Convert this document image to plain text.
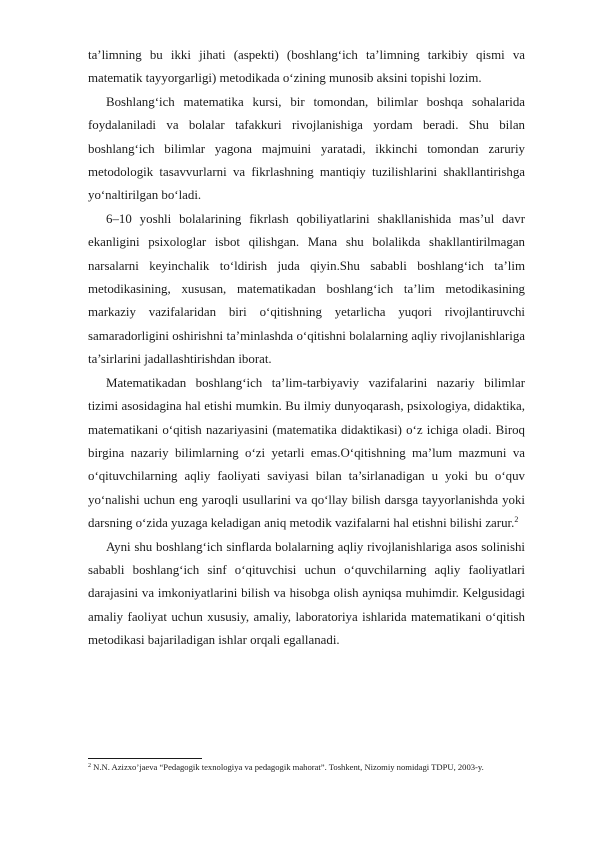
ta’limning bu ikki jihati (aspekti) (boshlang‘ich ta’limning tarkibiy qismi va matematik tayyorgarligi) metodikada o‘zining munosib aksini topishi lozim.

Boshlang‘ich matematika kursi, bir tomondan, bilimlar boshqa sohalarida foydalaniladi va bolalar tafakkuri rivojlanishiga yordam beradi. Shu bilan boshlang‘ich bilimlar yagona majmuini yaratadi, ikkinchi tomondan zaruriy metodologik tasavvurlarni va fikrlashning mantiqiy tuzilishlarini shakllantirishga yo‘naltirilgan bo‘ladi.

6–10 yoshli bolalarining fikrlash qobiliyatlarini shakllanishida mas’ul davr ekanligini psixologlar isbot qilishgan. Mana shu bolalikda shakllantirilmagan narsalarni keyinchalik to‘ldirish juda qiyin.Shu sababli boshlang‘ich ta’lim metodikasining, xususan, matematikadan boshlang‘ich ta’lim metodikasining markaziy vazifalaridan biri o‘qitishning yetarlicha yuqori rivojlantiruvchi samaradorligini oshirishni ta’minlashda o‘qitishni bolalarning aqliy rivojlanishlariga ta’sirlarini jadallashtirishdan iborat.

Matematikadan boshlang‘ich ta’lim-tarbiyaviy vazifalarini nazariy bilimlar tizimi asosidagina hal etishi mumkin. Bu ilmiy dunyoqarash, psixologiya, didaktika, matematikani o‘qitish nazariyasini (matematika didaktikasi) o‘z ichiga oladi. Biroq birgina nazariy bilimlarning o‘zi yetarli emas.O‘qitishning ma’lum mazmuni va o‘qituvchilarning aqliy faoliyati saviyasi bilan ta’sirlanadigan u yoki bu o‘quv yo‘nalishi uchun eng yaroqli usullarini va qo‘llay bilish darsga tayyorlanishda yoki darsning o‘zida yuzaga keladigan aniq metodik vazifalarni hal etishni bilishi zarur.$^2$

Ayni shu boshlang‘ich sinflarda bolalarning aqliy rivojlanishlariga asos solinishi sababli boshlang‘ich sinf o‘qituvchisi uchun o‘quvchilarning aqliy faoliyatlari darajasini va imkoniyatlarini bilish va hisobga olish ayniqsa muhimdir. Kelgusidagi amaliy faoliyat uchun xususiy, amaliy, laboratoriya ishlarida matematikani o‘qitish metodikasi bajariladigan ishlar orqali egallanadi.

$^2$ N.N. Azizxo’jaeva “Pedagogik texnologiya va pedagogik mahorat”. Toshkent, Nizomiy nomidagi TDPU, 2003-y.
